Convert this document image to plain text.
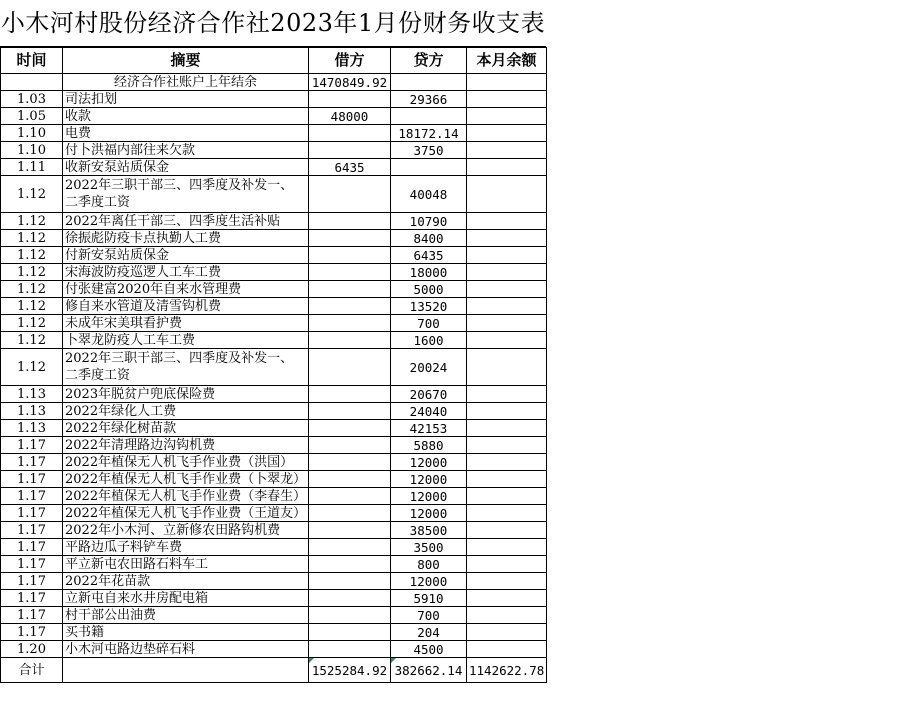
小木河村股份经济合作社2023年1月份财务收支表
时间	摘要	借方	贷方	本月余额
	经济合作社账户上年结余	1470849.92		
1.03	司法扣划		29366	
1.05	收款	48000		
1.10	电费		18172.14	
1.10	付卜洪福内部往来欠款		3750	
1.11	收新安泵站质保金	6435		
1.12	2022年三职干部三、四季度及补发一、二季度工资		40048	
1.12	2022年离任干部三、四季度生活补贴		10790	
1.12	徐振彪防疫卡点执勤人工费		8400	
1.12	付新安泵站质保金		6435	
1.12	宋海波防疫巡逻人工车工费		18000	
1.12	付张建富2020年自来水管理费		5000	
1.12	修自来水管道及清雪钩机费		13520	
1.12	未成年宋美琪看护费		700	
1.12	卜翠龙防疫人工车工费		1600	
1.12	2022年三职干部三、四季度及补发一、二季度工资		20024	
1.13	2023年脱贫户兜底保险费		20670	
1.13	2022年绿化人工费		24040	
1.13	2022年绿化树苗款		42153	
1.17	2022年清理路边沟钩机费		5880	
1.17	2022年植保无人机飞手作业费（洪国）		12000	
1.17	2022年植保无人机飞手作业费（卜翠龙）		12000	
1.17	2022年植保无人机飞手作业费（李春生）		12000	
1.17	2022年植保无人机飞手作业费（王道友）		12000	
1.17	2022年小木河、立新修农田路钩机费		38500	
1.17	平路边瓜子料铲车费		3500	
1.17	平立新屯农田路石料车工		800	
1.17	2022年花苗款		12000	
1.17	立新屯自来水井房配电箱		5910	
1.17	村干部公出油费		700	
1.17	买书籍		204	
1.20	小木河屯路边垫碎石料		4500	
合计		1525284.92	382662.14	1142622.78
